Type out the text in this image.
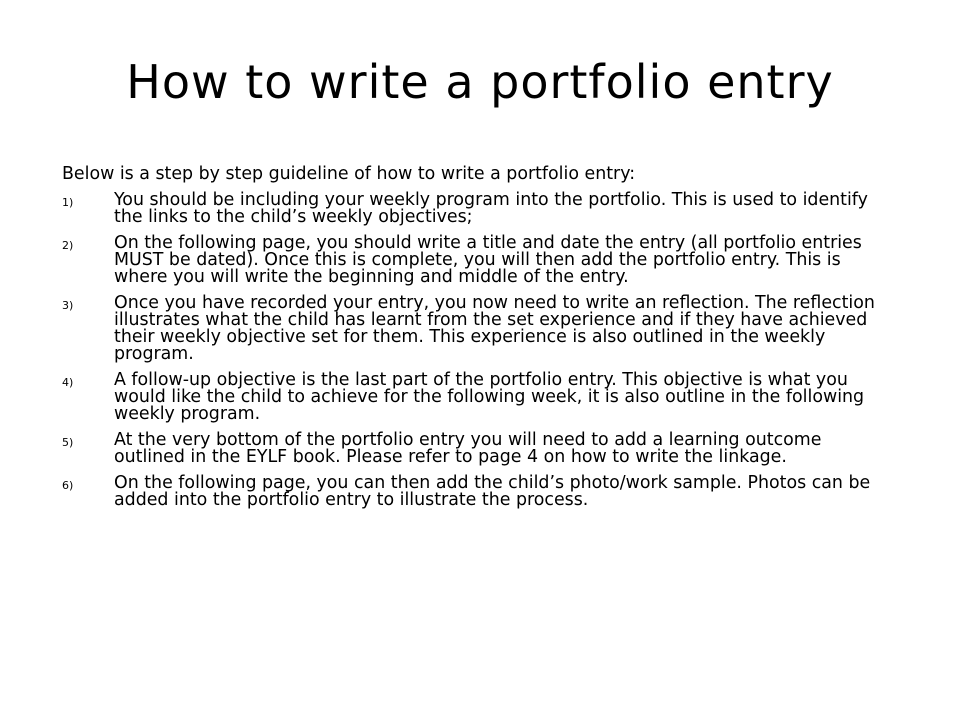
How to write a portfolio entry

Below is a step by step guideline of how to write a portfolio entry:

1) You should be including your weekly program into the portfolio. This is used to identify the links to the child’s weekly objectives;
2) On the following page, you should write a title and date the entry (all portfolio entries MUST be dated). Once this is complete, you will then add the portfolio entry. This is where you will write the beginning and middle of the entry.
3) Once you have recorded your entry, you now need to write an reflection. The reflection illustrates what the child has learnt from the set experience and if they have achieved their weekly objective set for them. This experience is also outlined in the weekly program.
4) A follow-up objective is the last part of the portfolio entry. This objective is what you would like the child to achieve for the following week, it is also outline in the following weekly program.
5) At the very bottom of the portfolio entry you will need to add a learning outcome outlined in the EYLF book. Please refer to page 4 on how to write the linkage.
6) On the following page, you can then add the child’s photo/work sample. Photos can be added into the portfolio entry to illustrate the process.
